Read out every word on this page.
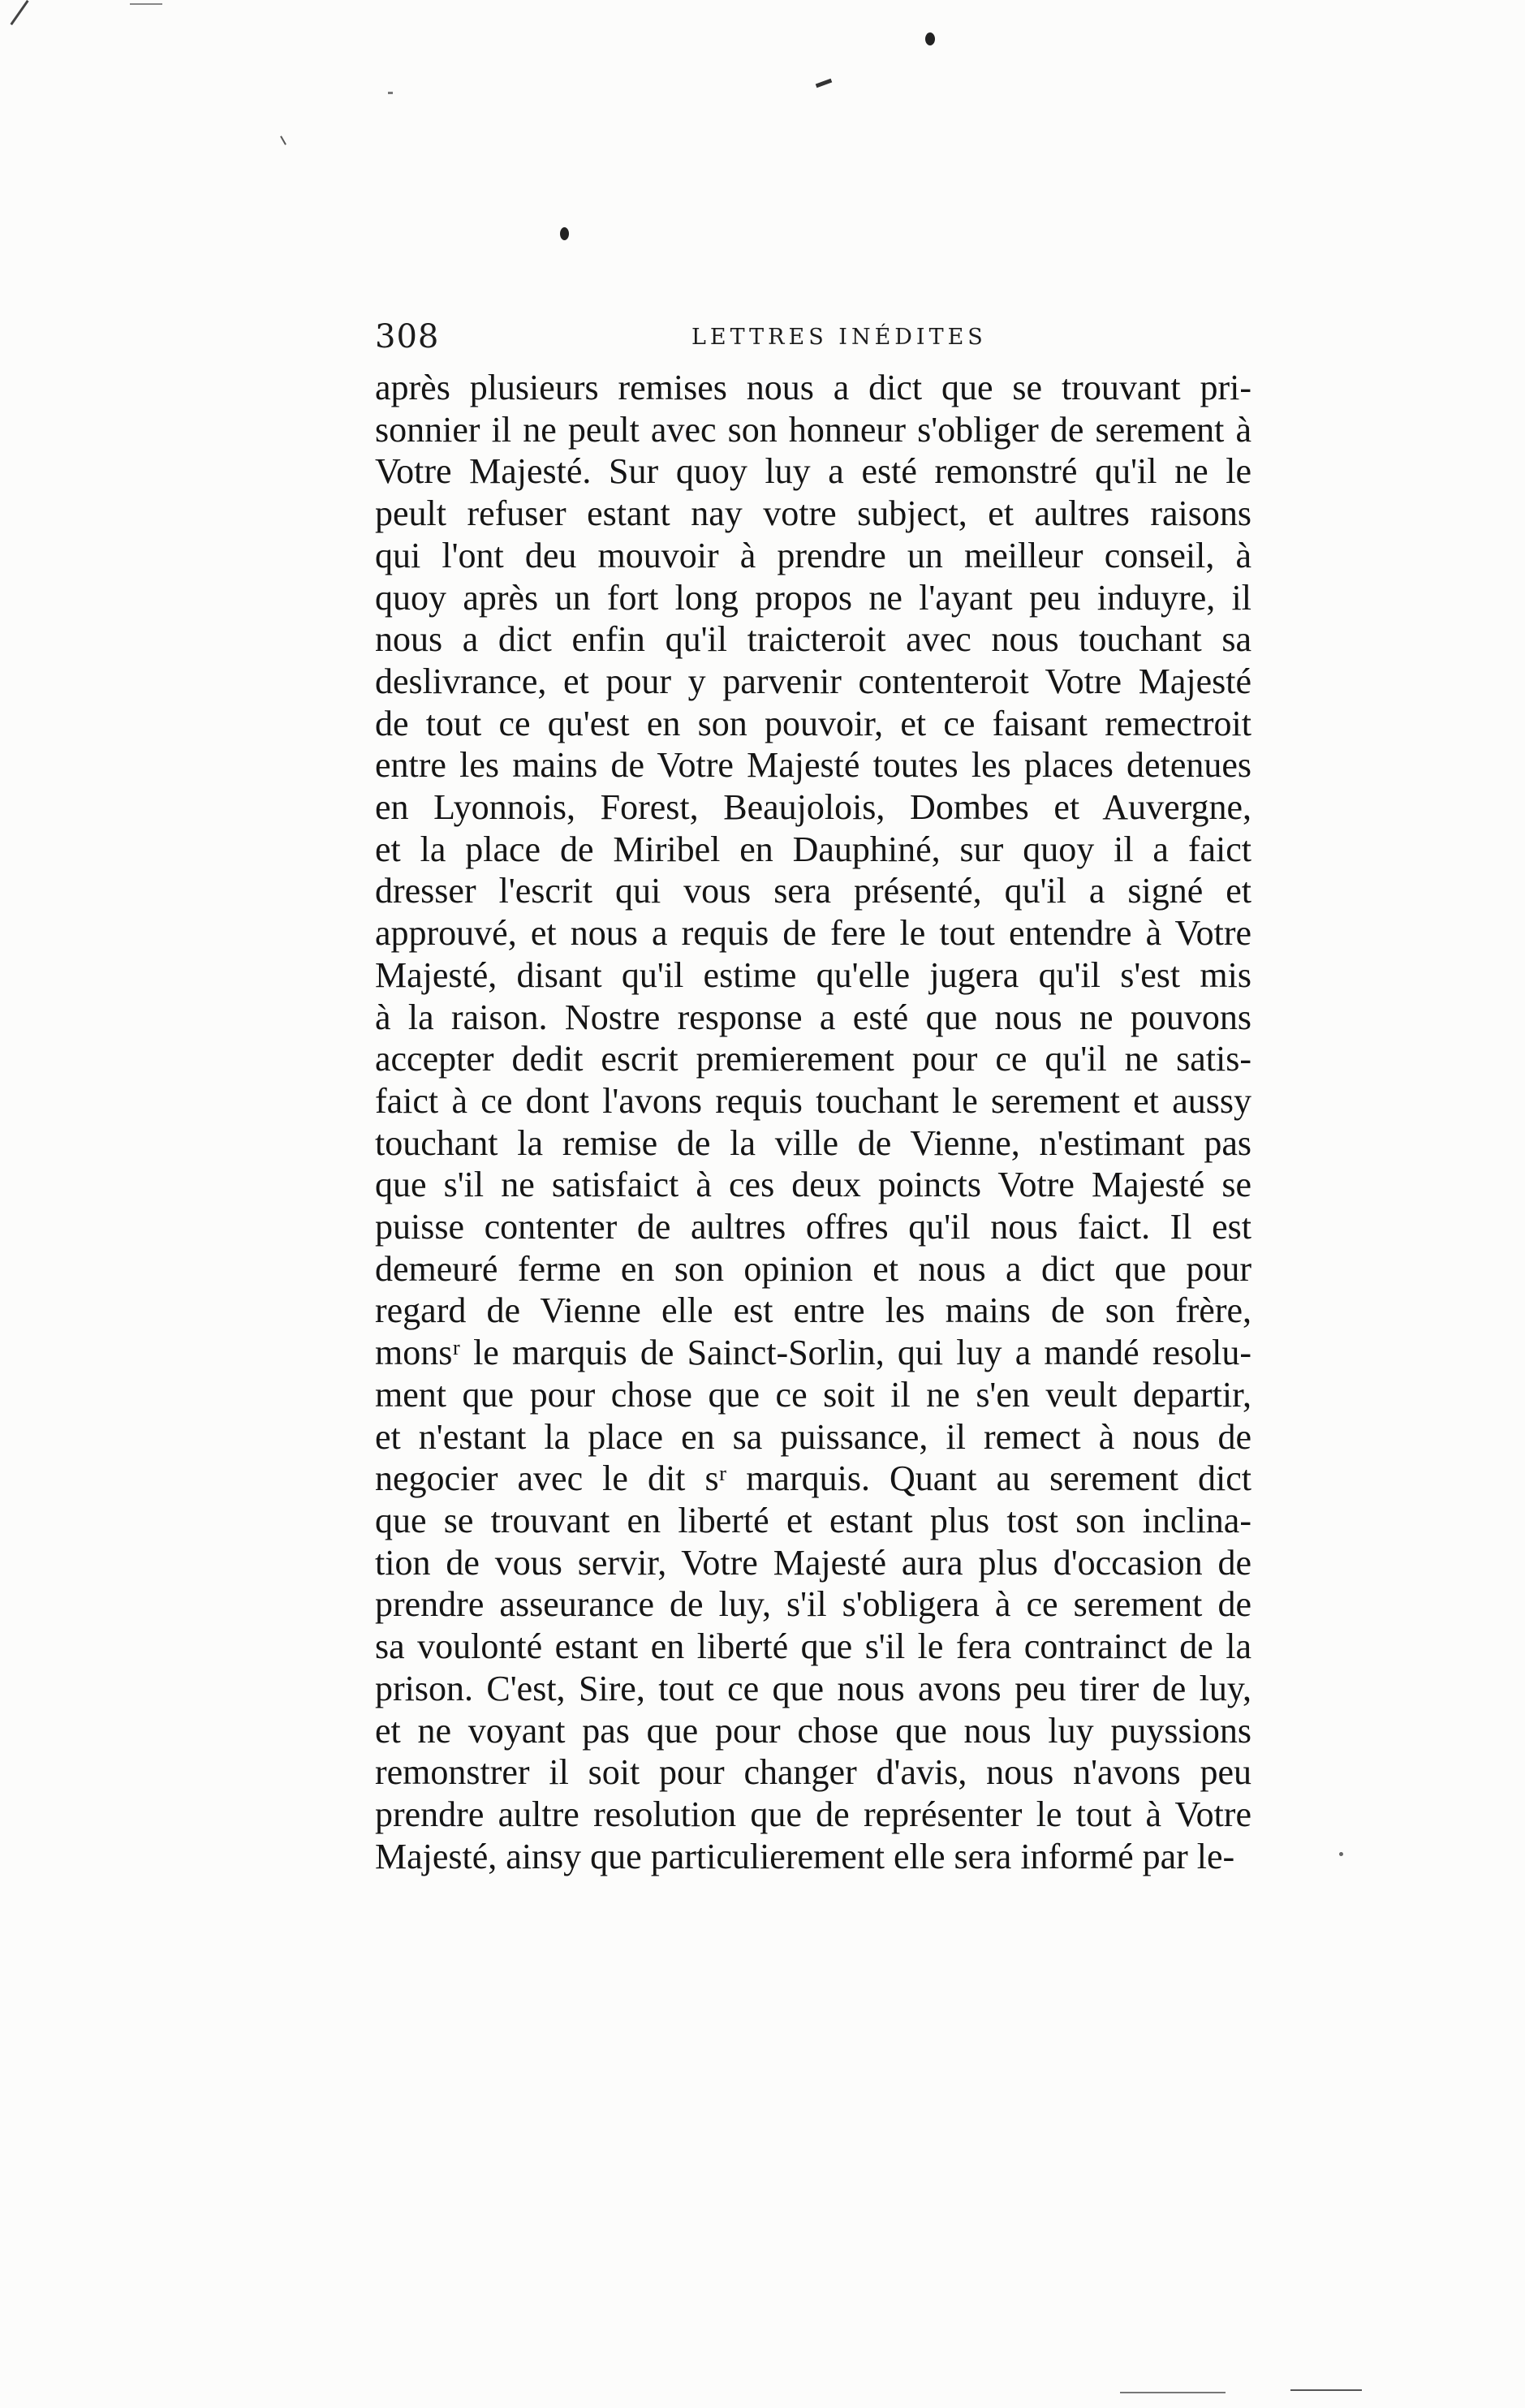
308	LETTRES INÉDITES
après plusieurs remises nous a dict que se trouvant pri-
sonnier il ne peult avec son honneur s'obliger de serement à
Votre Majesté. Sur quoy luy a esté remonstré qu'il ne le
peult refuser estant nay votre subject, et aultres raisons
qui l'ont deu mouvoir à prendre un meilleur conseil, à
quoy après un fort long propos ne l'ayant peu induyre, il
nous a dict enfin qu'il traicteroit avec nous touchant sa
deslivrance, et pour y parvenir contenteroit Votre Majesté
de tout ce qu'est en son pouvoir, et ce faisant remectroit
entre les mains de Votre Majesté toutes les places detenues
en Lyonnois, Forest, Beaujolois, Dombes et Auvergne,
et la place de Miribel en Dauphiné, sur quoy il a faict
dresser l'escrit qui vous sera présenté, qu'il a signé et
approuvé, et nous a requis de fere le tout entendre à Votre
Majesté, disant qu'il estime qu'elle jugera qu'il s'est mis
à la raison. Nostre response a esté que nous ne pouvons
accepter dedit escrit premierement pour ce qu'il ne satis-
faict à ce dont l'avons requis touchant le serement et aussy
touchant la remise de la ville de Vienne, n'estimant pas
que s'il ne satisfaict à ces deux poincts Votre Majesté se
puisse contenter de aultres offres qu'il nous faict. Il est
demeuré ferme en son opinion et nous a dict que pour
regard de Vienne elle est entre les mains de son frère,
monsʳ le marquis de Sainct-Sorlin, qui luy a mandé resolu-
ment que pour chose que ce soit il ne s'en veult departir,
et n'estant la place en sa puissance, il remect à nous de
negocier avec le dit sʳ marquis. Quant au serement dict
que se trouvant en liberté et estant plus tost son inclina-
tion de vous servir, Votre Majesté aura plus d'occasion de
prendre asseurance de luy, s'il s'obligera à ce serement de
sa voulonté estant en liberté que s'il le fera contrainct de la
prison. C'est, Sire, tout ce que nous avons peu tirer de luy,
et ne voyant pas que pour chose que nous luy puyssions
remonstrer il soit pour changer d'avis, nous n'avons peu
prendre aultre resolution que de représenter le tout à Votre
Majesté, ainsy que particulierement elle sera informé par le-
